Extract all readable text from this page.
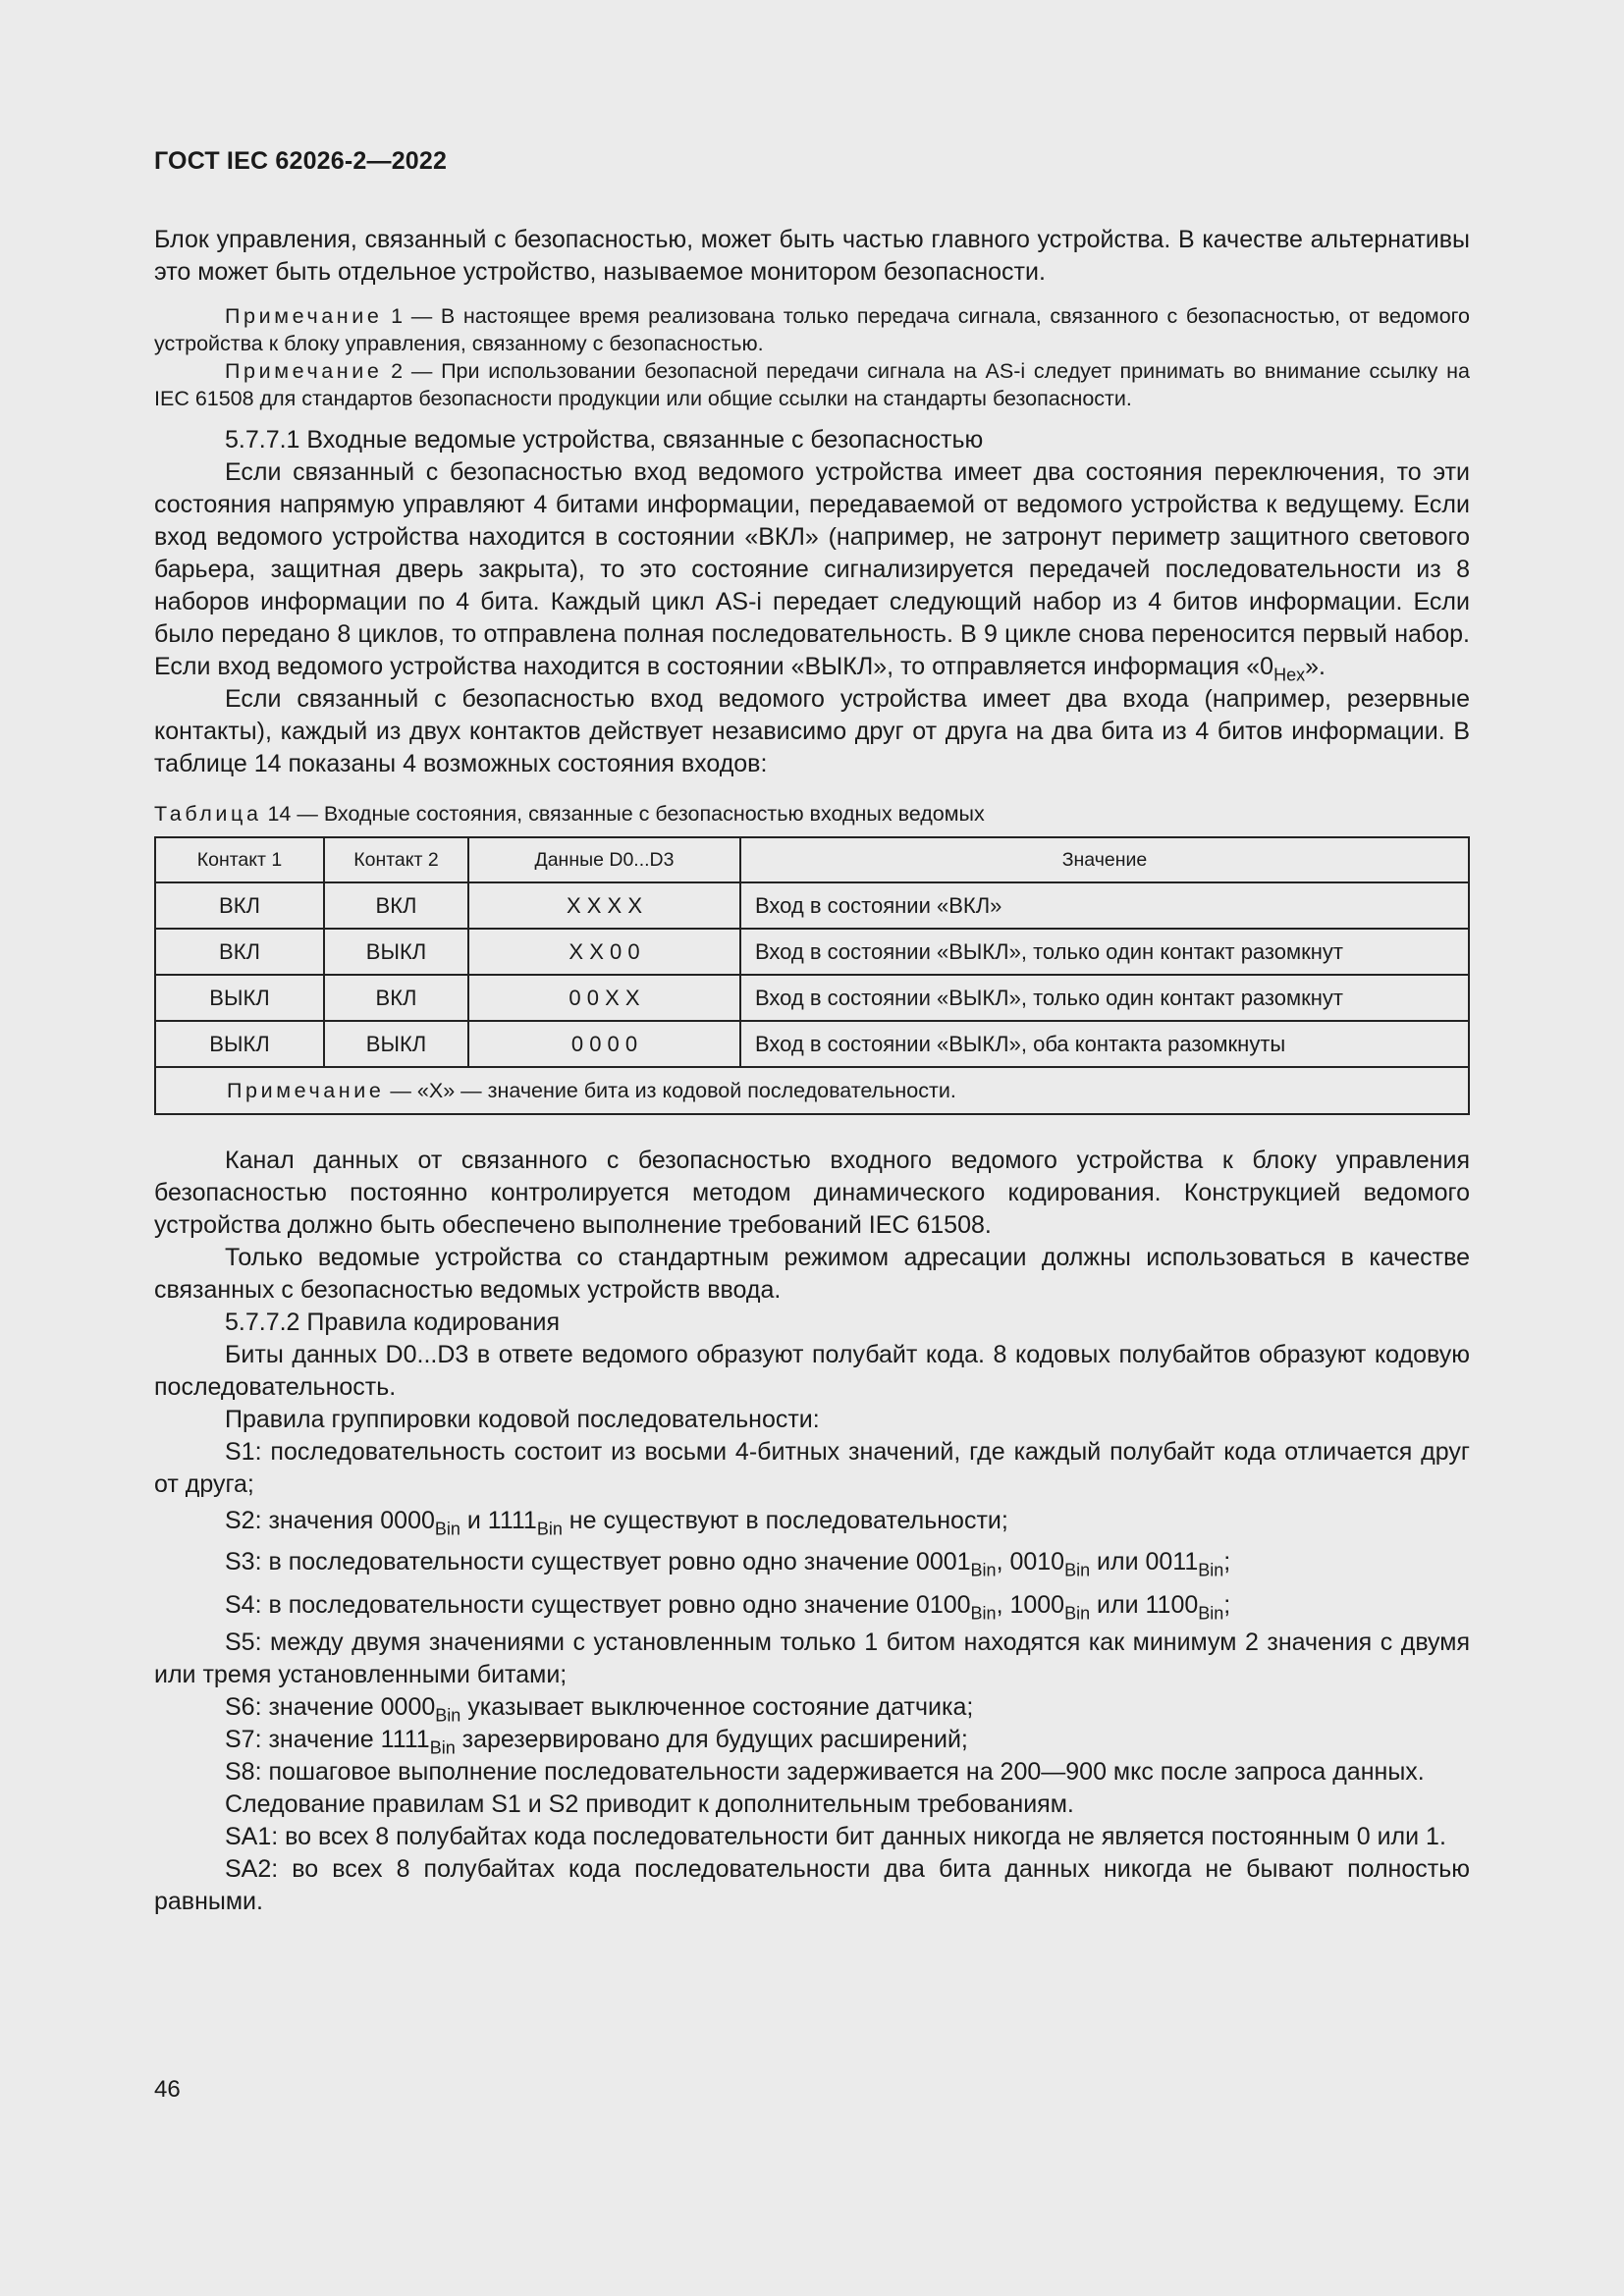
ГОСТ IEC 62026-2—2022

Блок управления, связанный с безопасностью, может быть частью главного устройства. В качестве альтернативы это может быть отдельное устройство, называемое монитором безопасности.

Примечание 1 — В настоящее время реализована только передача сигнала, связанного с безопасностью, от ведомого устройства к блоку управления, связанному с безопасностью.

Примечание 2 — При использовании безопасной передачи сигнала на AS-i следует принимать во внимание ссылку на IEC 61508 для стандартов безопасности продукции или общие ссылки на стандарты безопасности.

5.7.7.1 Входные ведомые устройства, связанные с безопасностью

Если связанный с безопасностью вход ведомого устройства имеет два состояния переключения, то эти состояния напрямую управляют 4 битами информации, передаваемой от ведомого устройства к ведущему. Если вход ведомого устройства находится в состоянии «ВКЛ» (например, не затронут периметр защитного светового барьера, защитная дверь закрыта), то это состояние сигнализируется передачей последовательности из 8 наборов информации по 4 бита. Каждый цикл AS-i передает следующий набор из 4 битов информации. Если было передано 8 циклов, то отправлена полная последовательность. В 9 цикле снова переносится первый набор. Если вход ведомого устройства находится в состоянии «ВЫКЛ», то отправляется информация «$0_{Hex}$».

Если связанный с безопасностью вход ведомого устройства имеет два входа (например, резервные контакты), каждый из двух контактов действует независимо друг от друга на два бита из 4 битов информации. В таблице 14 показаны 4 возможных состояния входов:

Таблица 14 — Входные состояния, связанные с безопасностью входных ведомых

Контакт 1	Контакт 2	Данные D0...D3	Значение
ВКЛ	ВКЛ	X X X X	Вход в состоянии «ВКЛ»
ВКЛ	ВЫКЛ	X X 0 0	Вход в состоянии «ВЫКЛ», только один контакт разомкнут
ВЫКЛ	ВКЛ	0 0 X X	Вход в состоянии «ВЫКЛ», только один контакт разомкнут
ВЫКЛ	ВЫКЛ	0 0 0 0	Вход в состоянии «ВЫКЛ», оба контакта разомкнуты
Примечание — «X» — значение бита из кодовой последовательности.			

Канал данных от связанного с безопасностью входного ведомого устройства к блоку управления безопасностью постоянно контролируется методом динамического кодирования. Конструкцией ведомого устройства должно быть обеспечено выполнение требований IEC 61508.

Только ведомые устройства со стандартным режимом адресации должны использоваться в качестве связанных с безопасностью ведомых устройств ввода.

5.7.7.2 Правила кодирования

Биты данных D0...D3 в ответе ведомого образуют полубайт кода. 8 кодовых полубайтов образуют кодовую последовательность.

Правила группировки кодовой последовательности:

S1: последовательность состоит из восьми 4-битных значений, где каждый полубайт кода отличается друг от друга;

S2: значения $0000_{Bin}$ и $1111_{Bin}$ не существуют в последовательности;

S3: в последовательности существует ровно одно значение $0001_{Bin}$, $0010_{Bin}$ или $0011_{Bin}$;

S4: в последовательности существует ровно одно значение $0100_{Bin}$, $1000_{Bin}$ или $1100_{Bin}$;

S5: между двумя значениями с установленным только 1 битом находятся как минимум 2 значения с двумя или тремя установленными битами;

S6: значение $0000_{Bin}$ указывает выключенное состояние датчика;

S7: значение $1111_{Bin}$ зарезервировано для будущих расширений;

S8: пошаговое выполнение последовательности задерживается на 200—900 мкс после запроса данных.

Следование правилам S1 и S2 приводит к дополнительным требованиям.

SA1: во всех 8 полубайтах кода последовательности бит данных никогда не является постоянным 0 или 1.

SA2: во всех 8 полубайтах кода последовательности два бита данных никогда не бывают полностью равными.

46
